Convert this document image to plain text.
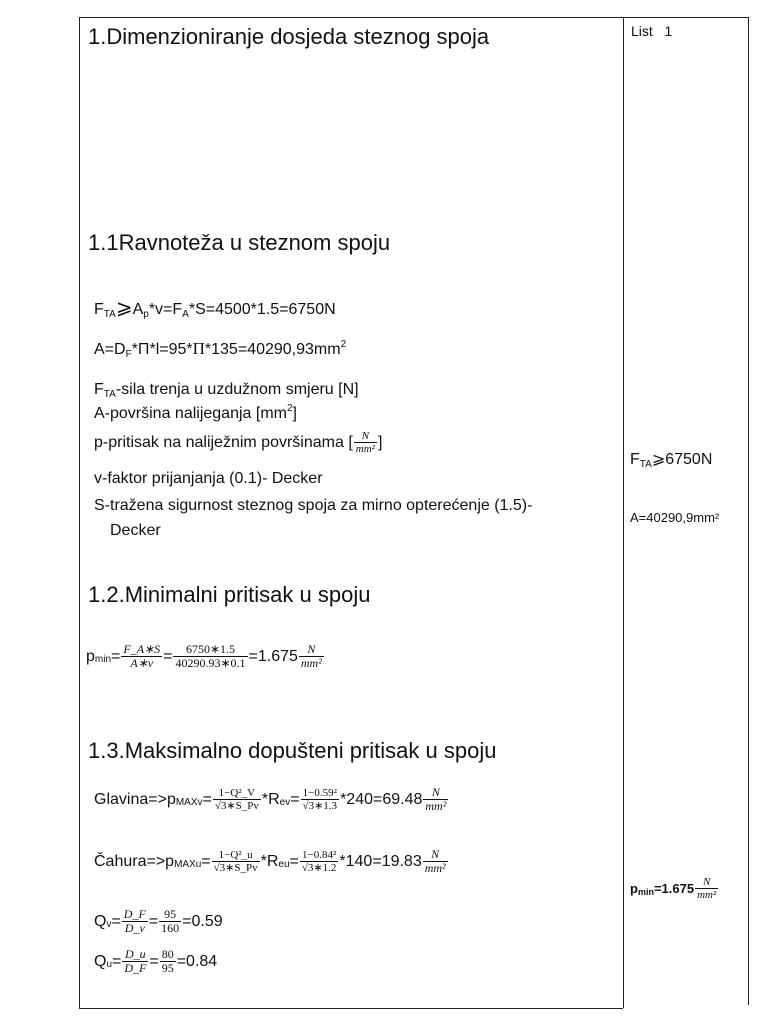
1.Dimenzioniranje dosjeda steznog spoja	List 1
1.1Ravnoteža u steznom spoju
FTA⩾Ap*v=FA*S=4500*1.5=6750N
$A=DF*\Pi*l=95*\Pi*135=40290,93mm^2$
FTA-sila trenja u uzdužnom smjeru [N]
A-površina nalijeganja $[mm^2]$
p-pritisak na naliježnim površinama [ $\frac{N}{\text{mm²}}$ ]
v-faktor prijanjanja (0.1)- Decker
S-tražena sigurnost steznog spoja za mirno opterećenje (1.5)-
Decker
1.2.Minimalni pritisak u spoju
p $\min = \frac{F\_A∗S}{A∗v} = \frac{6750∗1.5}{40290.93∗0.1} =1.675 \frac{N}{\text{mm²}}$
1.3.Maksimalno dopušteni pritisak u spoju
Glavina=>p MAXv = $\frac{\text{1−Q²\_V}}{√3∗S\_Pv} *R$ ev = $\frac{\text{1−0.59²}}{√3∗1.3} *240=69.48 \frac{N}{\text{mm²}}$
Čahura=>p MAXu = $\frac{\text{1−Q²\_u}}{√3∗S\_Pv} *R$ eu = $\frac{\text{1−0.84²}}{√3∗1.2} *140=19.83 \frac{N}{\text{mm²}}$
Q $v = \frac{D\_F}{D\_v} = \frac{95}{160} =0.59$
Q $u = \frac{D\_u}{D\_F} = \frac{80}{95} =0.84$
FTA⩾6750N
A=40290,9mm²
p $\min =1.675 \frac{N}{\text{mm²}}$
